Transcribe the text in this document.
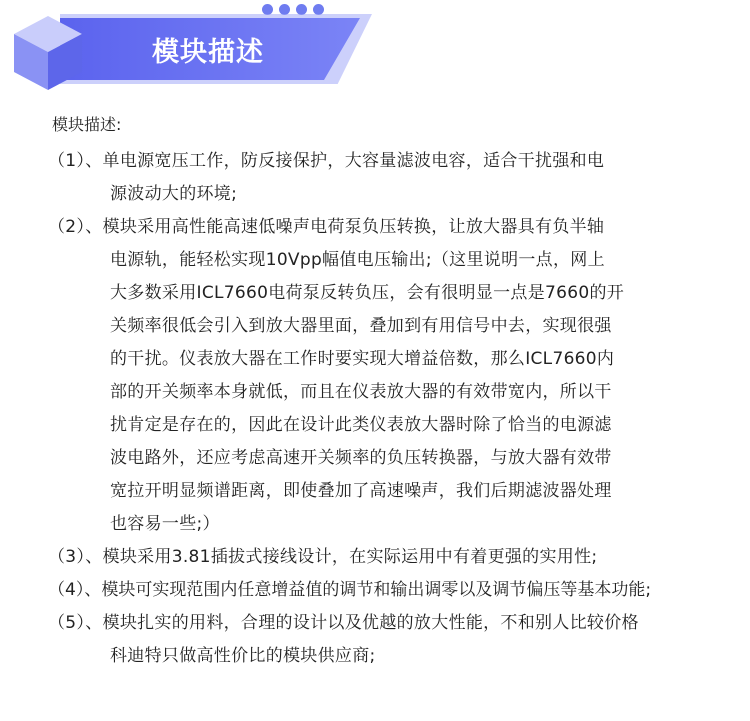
模块描述
模块描述:
（1）、单电源宽压工作，防反接保护，大容量滤波电容，适合干扰强和电
源波动大的环境;
（2）、模块采用高性能高速低噪声电荷泵负压转换，让放大器具有负半轴
电源轨，能轻松实现10Vpp幅值电压输出;（这里说明一点，网上
大多数采用ICL7660电荷泵反转负压，会有很明显一点是7660的开
关频率很低会引入到放大器里面，叠加到有用信号中去，实现很强
的干扰。仪表放大器在工作时要实现大增益倍数，那么ICL7660内
部的开关频率本身就低，而且在仪表放大器的有效带宽内，所以干
扰肯定是存在的，因此在设计此类仪表放大器时除了恰当的电源滤
波电路外，还应考虑高速开关频率的负压转换器，与放大器有效带
宽拉开明显频谱距离，即使叠加了高速噪声，我们后期滤波器处理
也容易一些;）
（3）、模块采用3.81插拔式接线设计，在实际运用中有着更强的实用性;
（4）、模块可实现范围内任意增益值的调节和输出调零以及调节偏压等基本功能;
（5）、模块扎实的用料，合理的设计以及优越的放大性能，不和别人比较价格
科迪特只做高性价比的模块供应商;
